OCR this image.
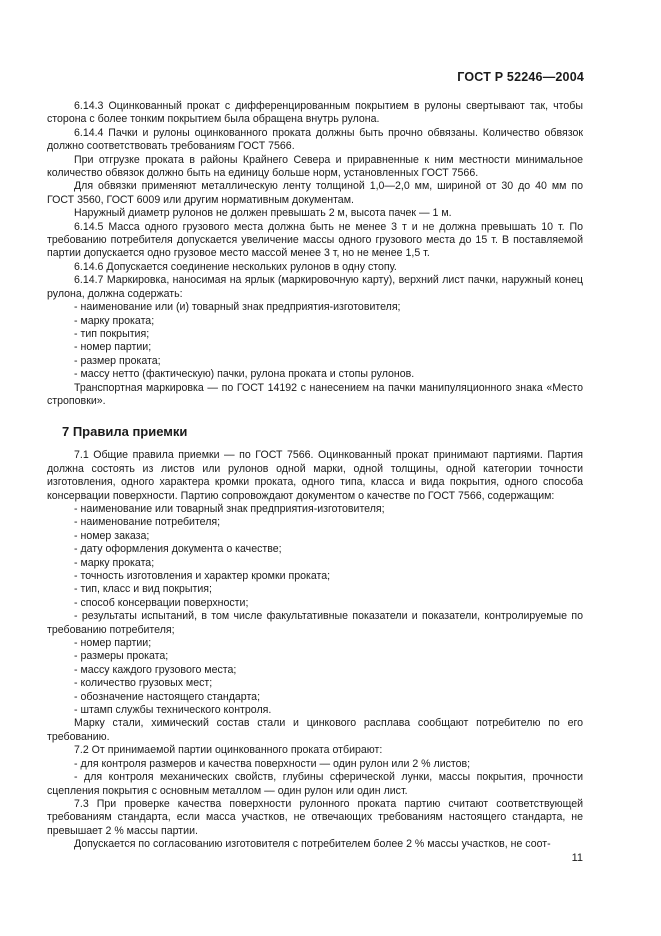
ГОСТ Р 52246—2004

6.14.3 Оцинкованный прокат с дифференцированным покрытием в рулоны свертывают так, чтобы сторона с более тонким покрытием была обращена внутрь рулона.

6.14.4 Пачки и рулоны оцинкованного проката должны быть прочно обвязаны. Количество обвязок должно соответствовать требованиям ГОСТ 7566.

При отгрузке проката в районы Крайнего Севера и приравненные к ним местности минимальное количество обвязок должно быть на единицу больше норм, установленных ГОСТ 7566.

Для обвязки применяют металлическую ленту толщиной 1,0—2,0 мм, шириной от 30 до 40 мм по ГОСТ 3560, ГОСТ 6009 или другим нормативным документам.

Наружный диаметр рулонов не должен превышать 2 м, высота пачек — 1 м.

6.14.5 Масса одного грузового места должна быть не менее 3 т и не должна превышать 10 т. По требованию потребителя допускается увеличение массы одного грузового места до 15 т. В поставляемой партии допускается одно грузовое место массой менее 3 т, но не менее 1,5 т.

6.14.6 Допускается соединение нескольких рулонов в одну стопу.

6.14.7 Маркировка, наносимая на ярлык (маркировочную карту), верхний лист пачки, наружный конец рулона, должна содержать:

- наименование или (и) товарный знак предприятия-изготовителя;

- марку проката;

- тип покрытия;

- номер партии;

- размер проката;

- массу нетто (фактическую) пачки, рулона проката и стопы рулонов.

Транспортная маркировка — по ГОСТ 14192 с нанесением на пачки манипуляционного знака «Место строповки».

7 Правила приемки

7.1 Общие правила приемки — по ГОСТ 7566. Оцинкованный прокат принимают партиями. Партия должна состоять из листов или рулонов одной марки, одной толщины, одной категории точности изготовления, одного характера кромки проката, одного типа, класса и вида покрытия, одного способа консервации поверхности. Партию сопровождают документом о качестве по ГОСТ 7566, содержащим:

- наименование или товарный знак предприятия-изготовителя;

- наименование потребителя;

- номер заказа;

- дату оформления документа о качестве;

- марку проката;

- точность изготовления и характер кромки проката;

- тип, класс и вид покрытия;

- способ консервации поверхности;

- результаты испытаний, в том числе факультативные показатели и показатели, контролируемые по требованию потребителя;

- номер партии;

- размеры проката;

- массу каждого грузового места;

- количество грузовых мест;

- обозначение настоящего стандарта;

- штамп службы технического контроля.

Марку стали, химический состав стали и цинкового расплава сообщают потребителю по его требованию.

7.2 От принимаемой партии оцинкованного проката отбирают:

- для контроля размеров и качества поверхности — один рулон или 2 % листов;

- для контроля механических свойств, глубины сферической лунки, массы покрытия, прочности сцепления покрытия с основным металлом — один рулон или один лист.

7.3 При проверке качества поверхности рулонного проката партию считают соответствующей требованиям стандарта, если масса участков, не отвечающих требованиям настоящего стандарта, не превышает 2 % массы партии.

Допускается по согласованию изготовителя с потребителем более 2 % массы участков, не соот-

11
